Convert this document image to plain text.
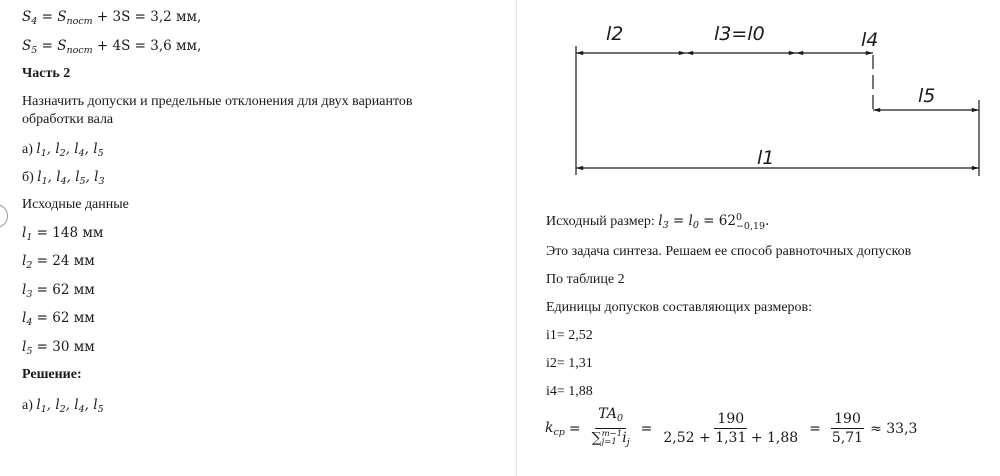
$S_4 = S_{пост} + 3S = 3,2$ мм,
$S_5 = S_{пост} + 4S = 3,6$ мм,
Часть 2
Назначить допуски и предельные отклонения для двух вариантов
обработки вала
а) $l_1$, $l_2$, $l_4$, $l_5$
б) $l_1$, $l_4$, $l_5$, $l_3$
Исходные данные
$l_1 = 148$ мм
$l_2 = 24$ мм
$l_3 = 62$ мм
$l_4 = 62$ мм
$l_5 = 30$ мм
Решение:
а) $l_1$, $l_2$, $l_4$, $l_5$
l2	l3=l0	l4
l5
l1
Исходный размер: $l_3 = l_0 = 62$ 0
−0,19 .
Это задача синтеза. Решаем ее способ равноточных допусков
По таблице 2
Единицы допусков составляющих размеров:
i1= 2,52
i2= 1,31
i4= 1,88
$k_{cp} = TA_0$
∑ m−1
j=1 $i_j = \frac{190}{2,52 + 1,31 + 1,88} = \frac{190}{5,71} \approx 33,3$
